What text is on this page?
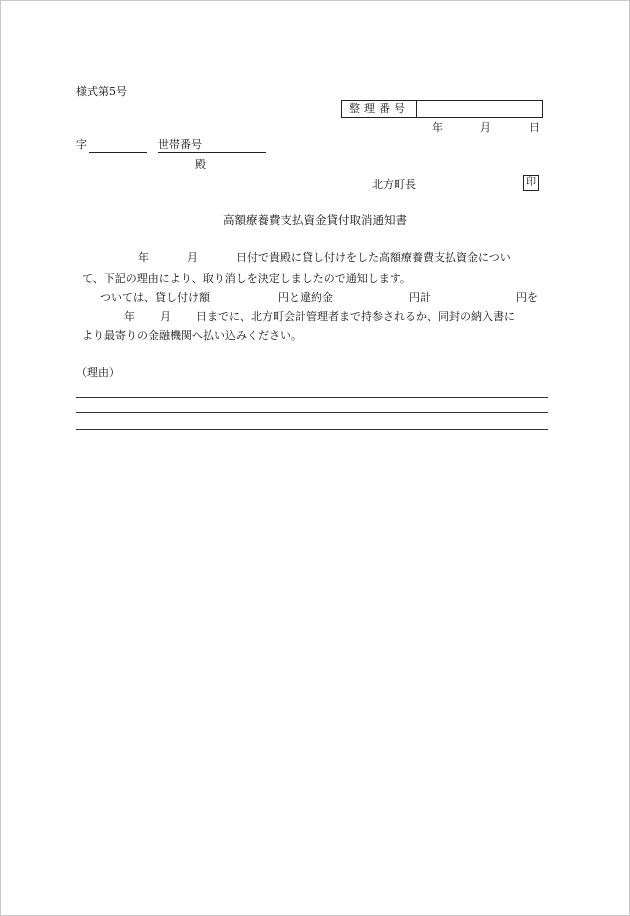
様式第5号
整理番号
年	月	日
字	世帯番号
殿
北方町長	印
高額療養費支払資金貸付取消通知書
年	月	日付で貴殿に貸し付けをした高額療養費支払資金につい
て、下記の理由により、取り消しを決定しましたので通知します。
ついては、貸し付け額	円と違約金	円計	円を
年 月 日までに、北方町会計管理者まで持参されるか、同封の納入書に
より最寄りの金融機関へ払い込みください。
（理由）
